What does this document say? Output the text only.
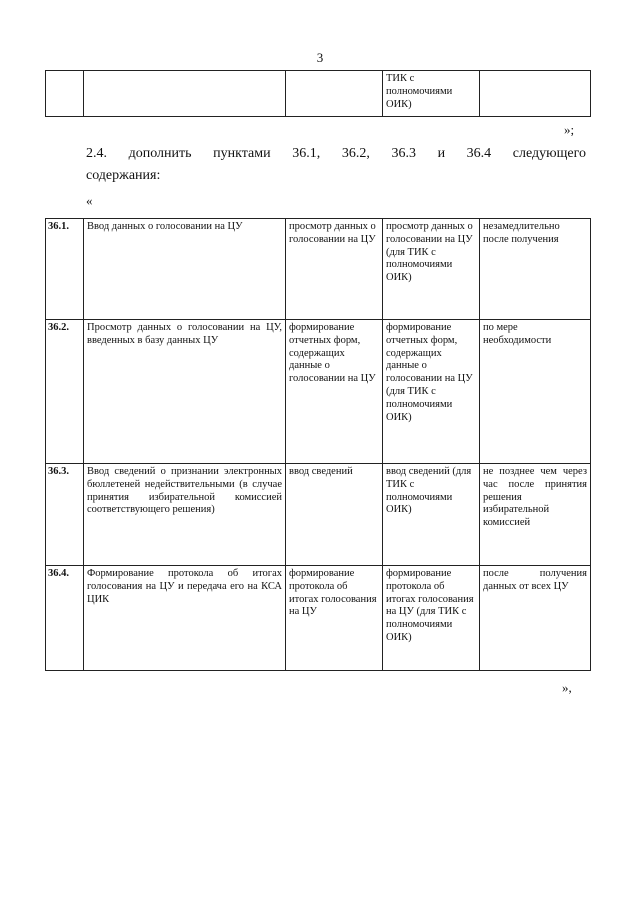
3
			ТИК с полномочиями ОИК)	
»;
2.4. дополнить пунктами 36.1, 36.2, 36.3 и 36.4 следующего
содержания:
«
36.1.	Ввод данных о голосовании на ЦУ	просмотр данных о голосовании на ЦУ	просмотр данных о голосовании на ЦУ (для ТИК с полномочиями ОИК)	незамедлительно после получения
36.2.	Просмотр данных о голосовании на ЦУ, введенных в базу данных ЦУ	формирование отчетных форм, содержащих данные о голосовании на ЦУ	формирование отчетных форм, содержащих данные о голосовании на ЦУ (для ТИК с полномочиями ОИК)	по мере необходимости
36.3.	Ввод сведений о признании электронных бюллетеней недействительными (в случае принятия избирательной комиссией соответствующего решения)	ввод сведений	ввод сведений (для ТИК с полномочиями ОИК)	не позднее чем через час после принятия решения избирательной комиссией
36.4.	Формирование протокола об итогах голосования на ЦУ и передача его на КСА ЦИК	формирование протокола об итогах голосования на ЦУ	формирование протокола об итогах голосования на ЦУ (для ТИК с полномочиями ОИК)	после получения данных от всех ЦУ
»,
